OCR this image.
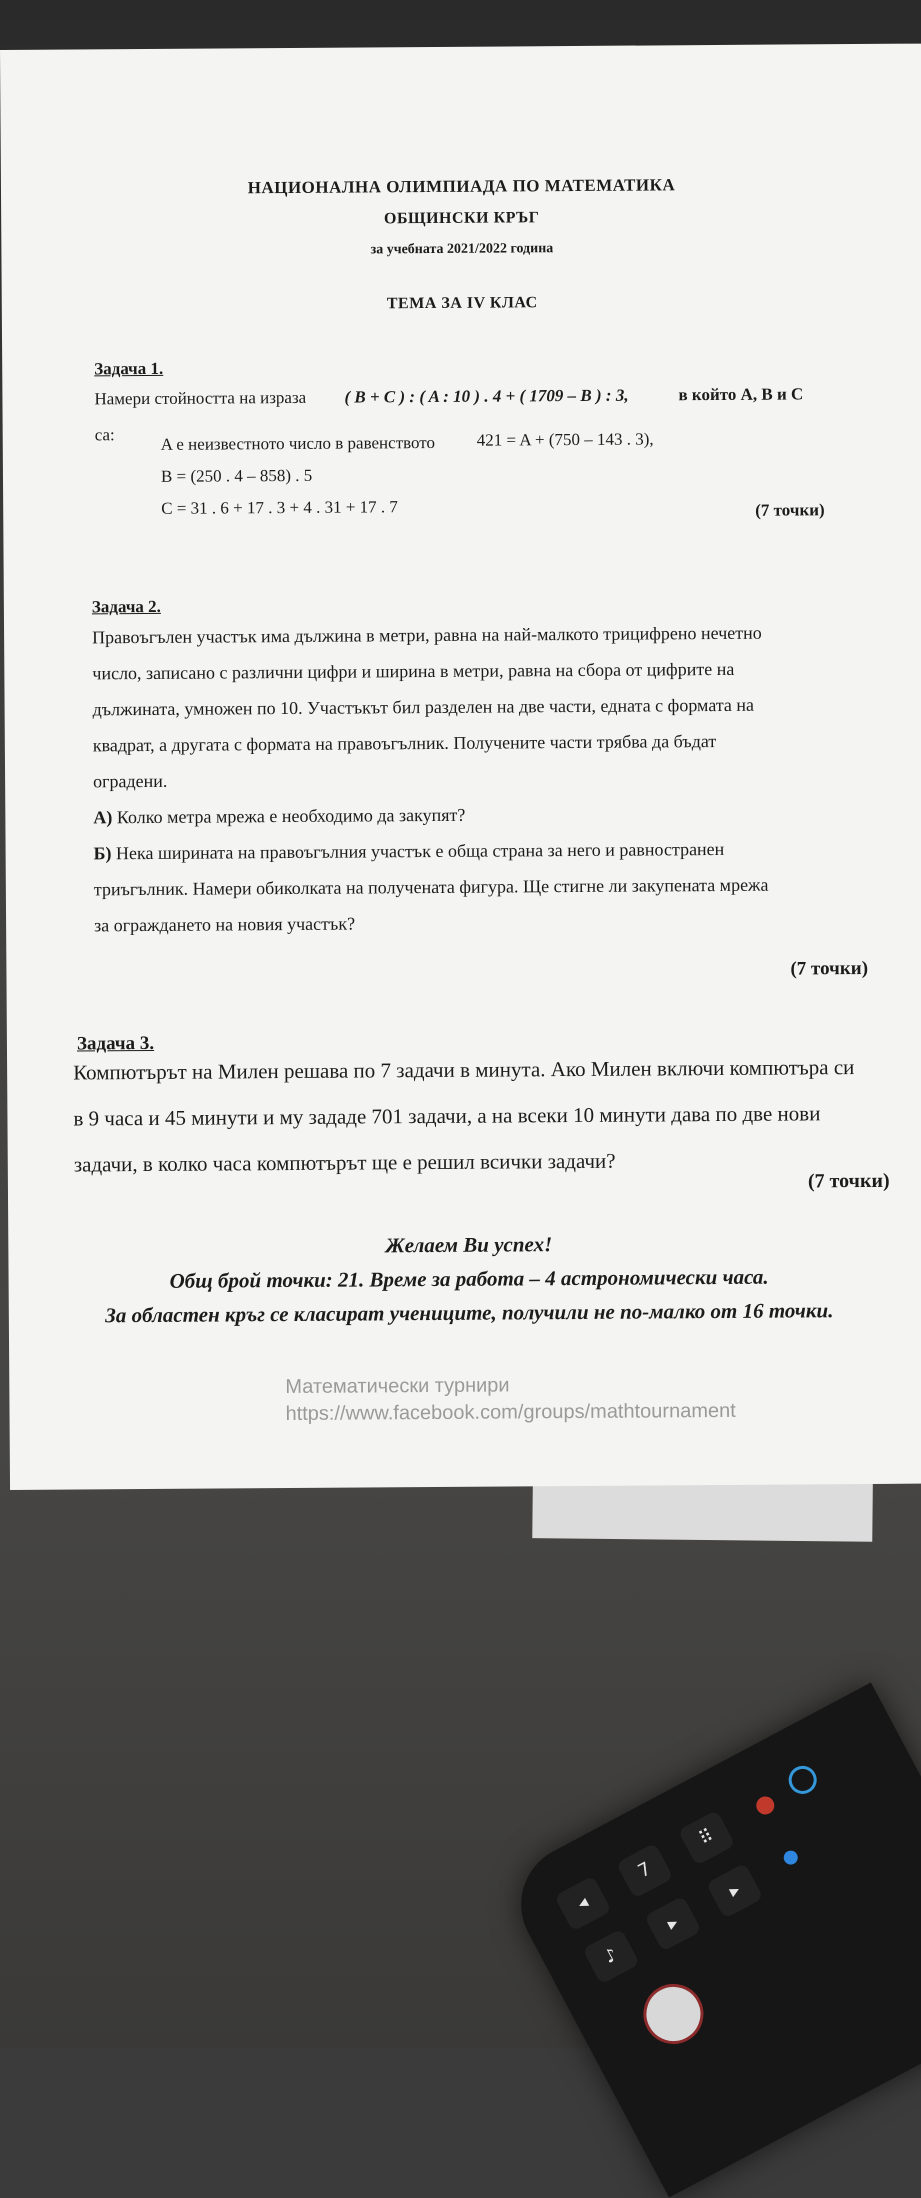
НАЦИОНАЛНА ОЛИМПИАДА ПО МАТЕМАТИКА
ОБЩИНСКИ КРЪГ
за учебната 2021/2022 година
ТЕМА ЗА IV КЛАС
Задача 1.
Намери стойността на израза ( B + C ) : ( A : 10 ) . 4 + ( 1709 – B ) : 3,	в който A, B и C
са:	A е неизвестното число в равенството 421 = A + (750 – 143 . 3),
B = (250 . 4 – 858) . 5
C = 31 . 6 + 17 . 3 + 4 . 31 + 17 . 7	(7 точки)
Задача 2.
Правоъгълен участък има дължина в метри, равна на най-малкото трицифрено нечетно
число, записано с различни цифри и ширина в метри, равна на сбора от цифрите на
дължината, умножен по 10. Участъкът бил разделен на две части, едната с формата на
квадрат, а другата с формата на правоъгълник. Получените части трябва да бъдат
оградени.
А) Колко метра мрежа е необходимо да закупят?
Б) Нека ширината на правоъгълния участък е обща страна за него и равностранен
триъгълник. Намери обиколката на получената фигура. Ще стигне ли закупената мрежа
за ограждането на новия участък?
(7 точки)
Задача 3.
Компютърът на Милен решава по 7 задачи в минута. Ако Милен включи компютъра си
в 9 часа и 45 минути и му зададе 701 задачи, а на всеки 10 минути дава по две нови
задачи, в колко часа компютърът ще е решил всички задачи?
(7 точки)
Желаем Ви успех!
Общ брой точки: 21. Време за работа – 4 астрономически часа.
За областен кръг се класират учениците, получили не по-малко от 16 точки.
Математически турнири
https://www.facebook.com/groups/mathtournament
◂
7
⠿
♪
▸
▸
